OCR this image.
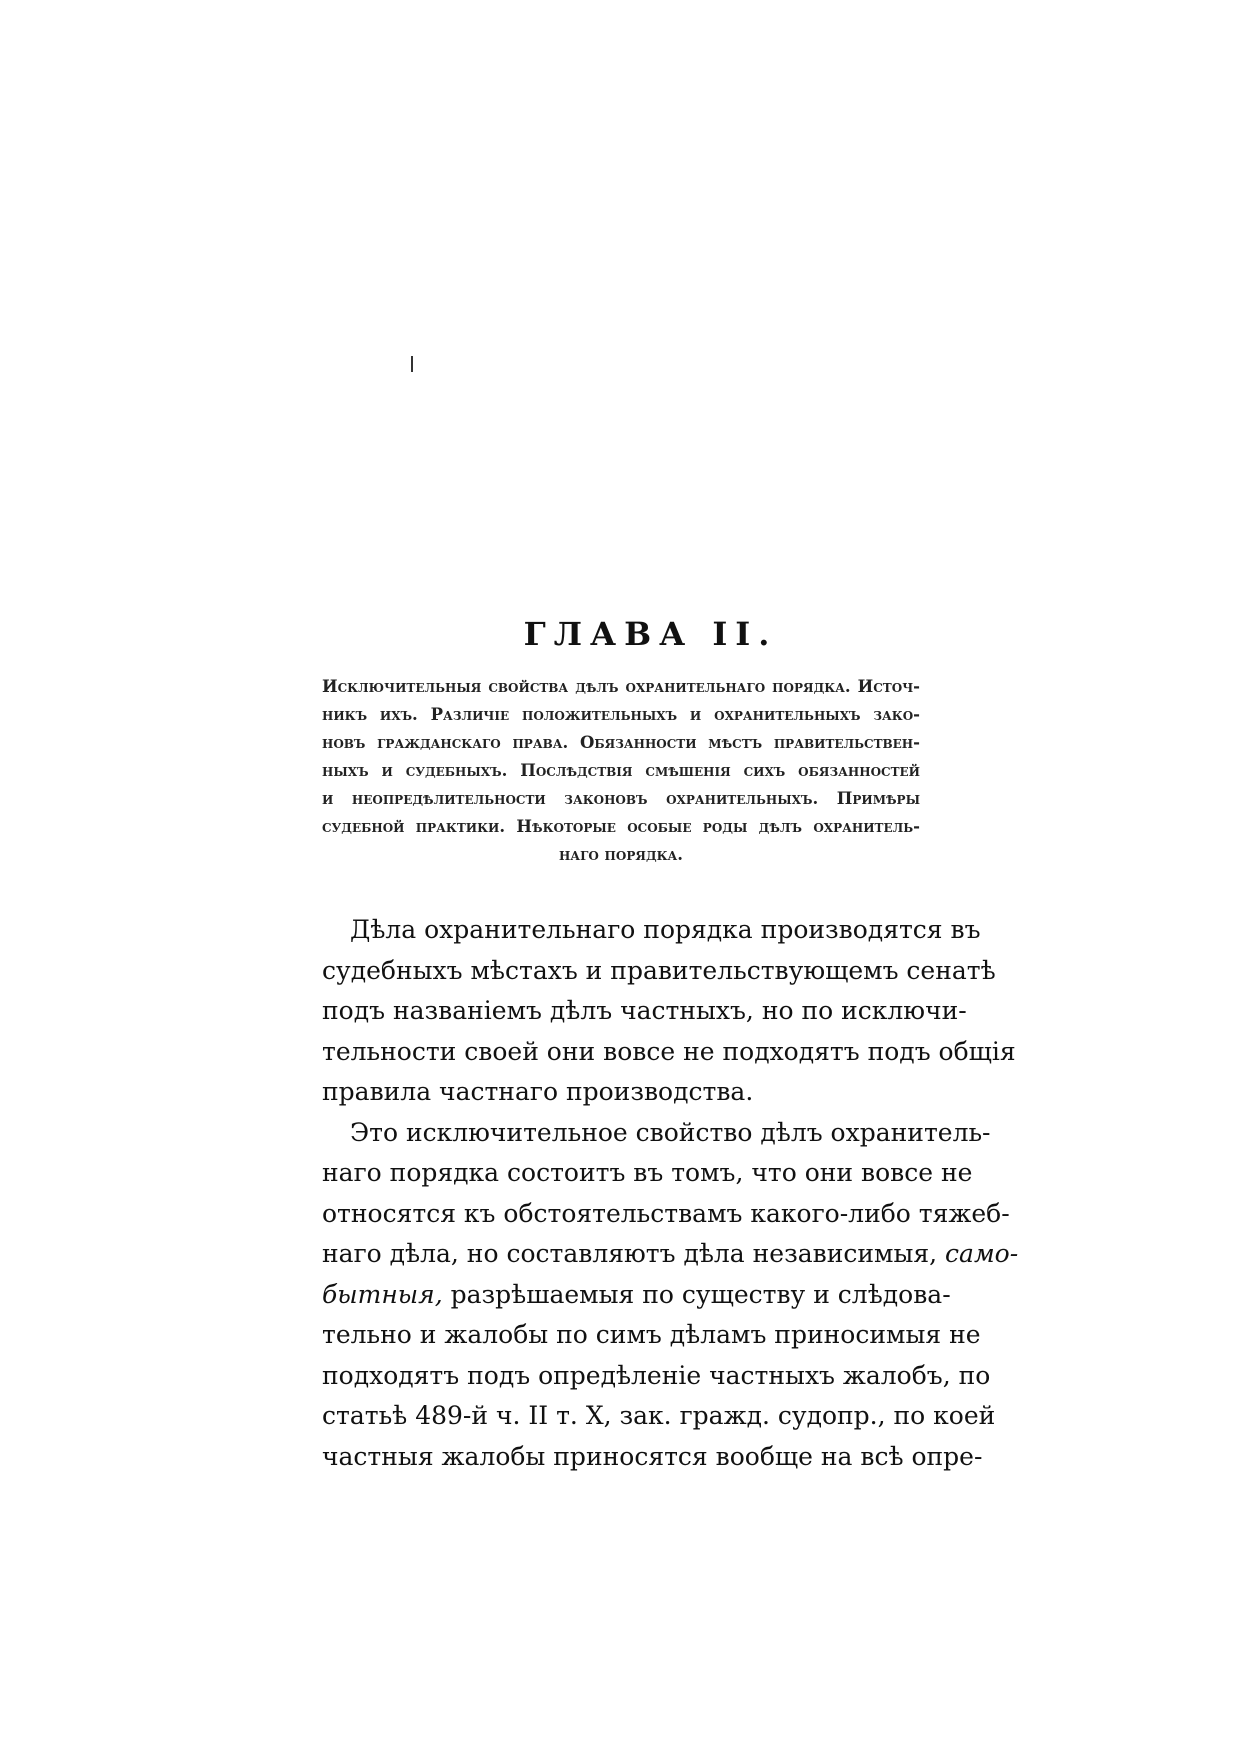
ГЛАВА II.
Исключительныя свойства дѣлъ охранительнаго порядка. Источ-
никъ ихъ. Различіе положительныхъ и охранительныхъ зако-
новъ гражданскаго права. Обязанности мѣстъ правительствен-
ныхъ и судебныхъ. Послѣдствія смѣшенія сихъ обязанностей
и неопредѣлительности законовъ охранительныхъ. Примѣры
судебной практики. Нѣкоторые особые роды дѣлъ охранитель-
наго порядка.
Дѣла охранительнаго порядка производятся въ
судебныхъ мѣстахъ и правительствующемъ сенатѣ
подъ названіемъ дѣлъ частныхъ, но по исключи-
тельности своей они вовсе не подходятъ подъ общія
правила частнаго производства.
Это исключительное свойство дѣлъ охранитель-
наго порядка состоитъ въ томъ, что они вовсе не
относятся къ обстоятельствамъ какого-либо тяжеб-
наго дѣла, но составляютъ дѣла независимыя, само-
бытныя, разрѣшаемыя по существу и слѣдова-
тельно и жалобы по симъ дѣламъ приносимыя не
подходятъ подъ опредѣленіе частныхъ жалобъ, по
статьѣ 489-й ч. II т. X, зак. гражд. судопр., по коей
частныя жалобы приносятся вообще на всѣ опре-
